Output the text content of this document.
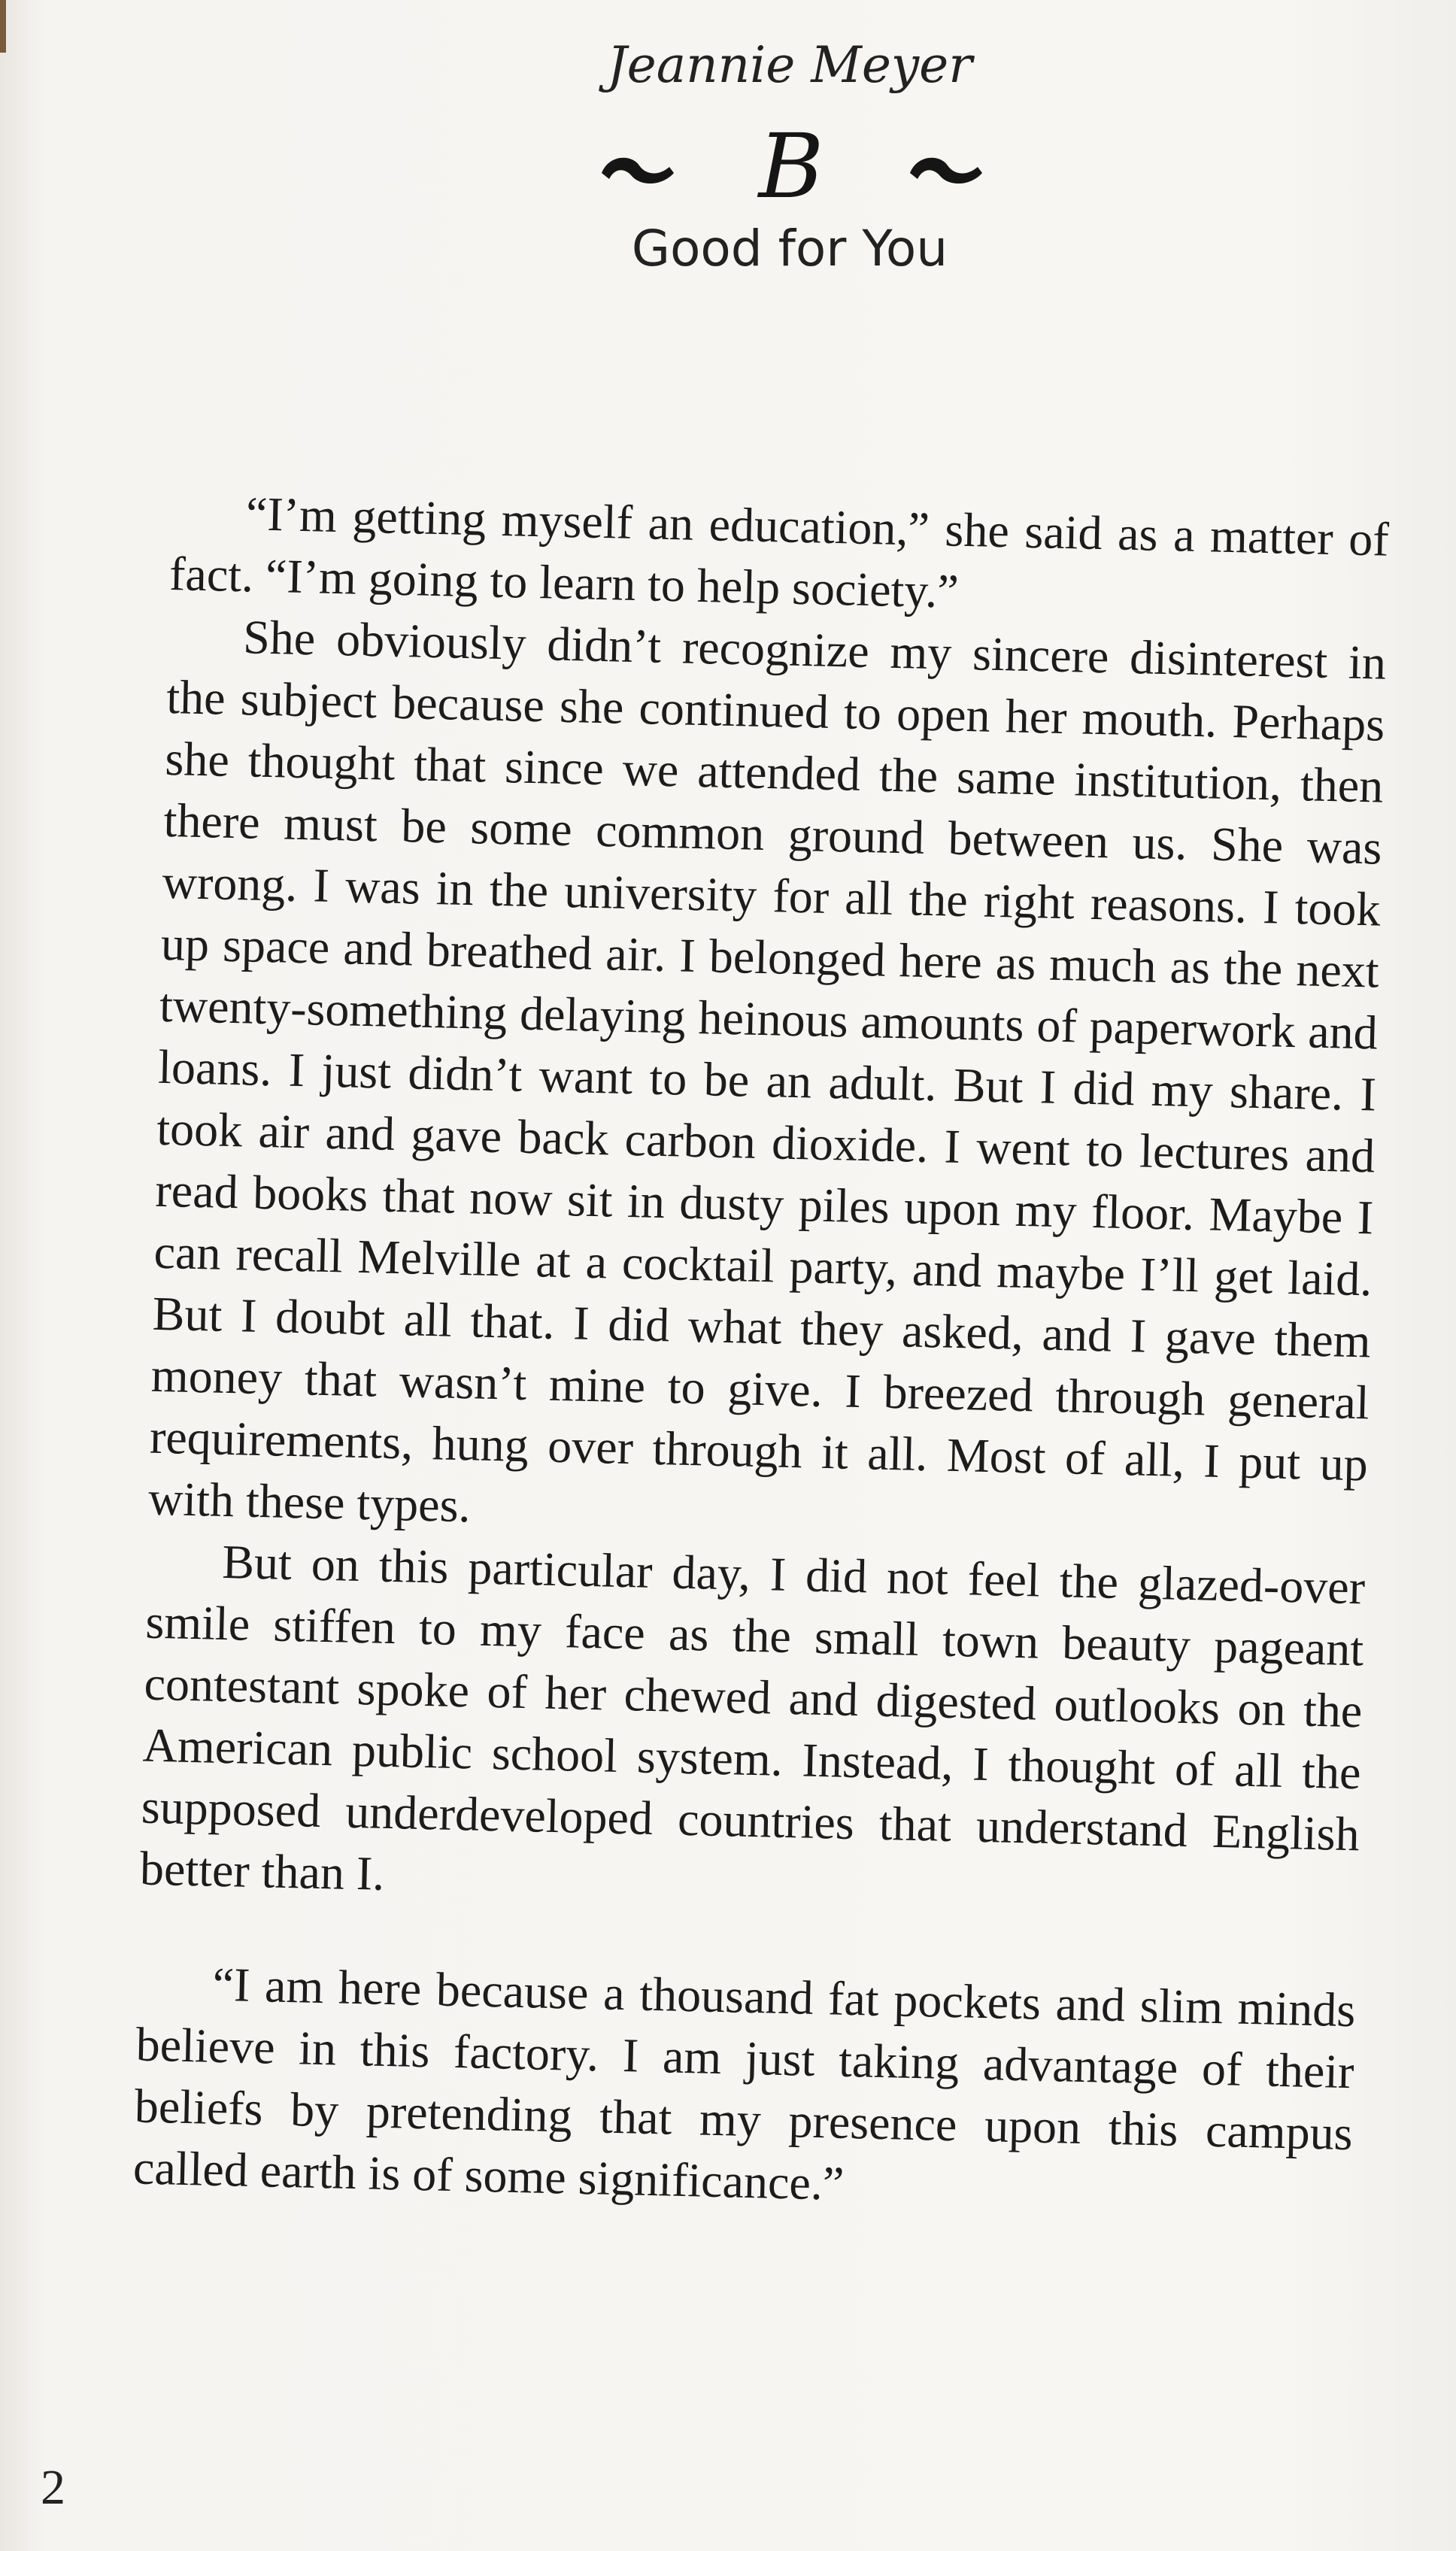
Jeannie Meyer
B
Good for You

“I’m getting myself an education,” she said as a matter of fact. “I’m going to learn to help society.”

She obviously didn’t recognize my sincere disinterest in the subject because she continued to open her mouth. Perhaps she thought that since we attended the same institution, then there must be some common ground between us. She was wrong. I was in the university for all the right reasons. I took up space and breathed air. I belonged here as much as the next twenty-something delaying heinous amounts of paperwork and loans. I just didn’t want to be an adult. But I did my share. I took air and gave back carbon dioxide. I went to lectures and read books that now sit in dusty piles upon my floor. Maybe I can recall Melville at a cocktail party, and maybe I’ll get laid. But I doubt all that. I did what they asked, and I gave them money that wasn’t mine to give. I breezed through general requirements, hung over through it all. Most of all, I put up with these types.

But on this particular day, I did not feel the glazed-over smile stiffen to my face as the small town beauty pageant contestant spoke of her chewed and digested outlooks on the American public school system. Instead, I thought of all the supposed underdeveloped countries that understand English better than I.

“I am here because a thousand fat pockets and slim minds believe in this factory. I am just taking advantage of their beliefs by pretending that my presence upon this campus called earth is of some significance.”

2
